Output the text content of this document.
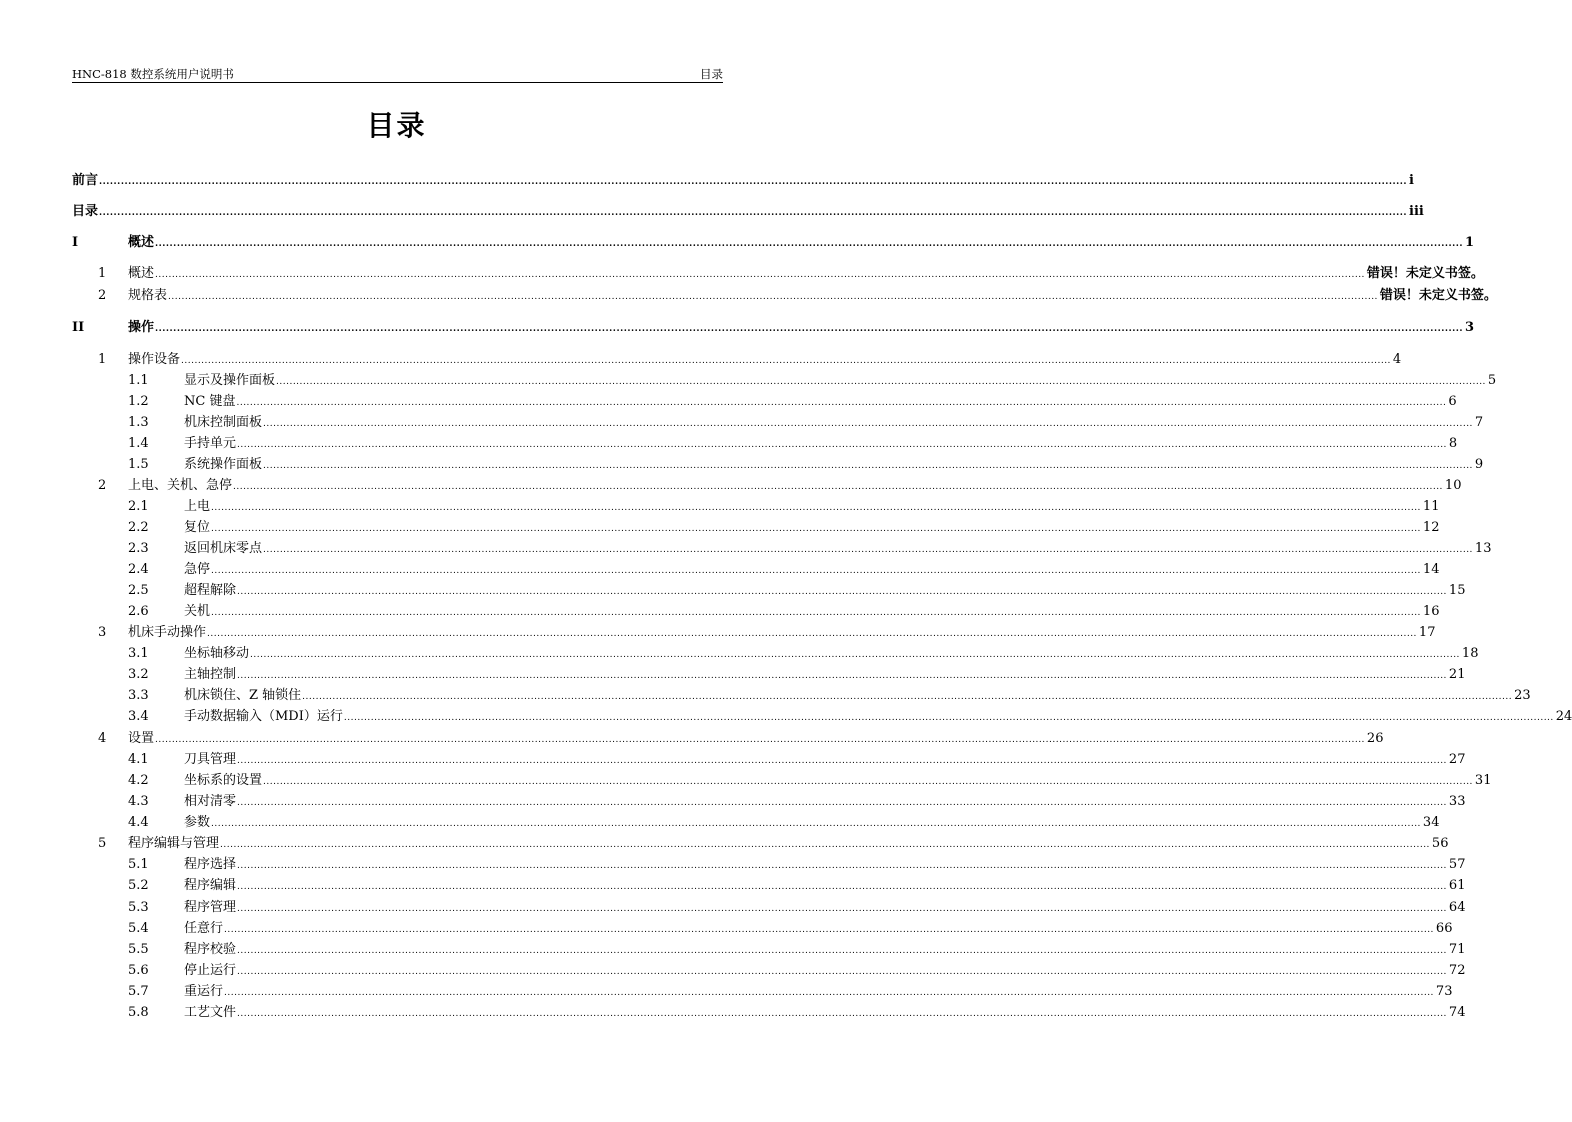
HNC-818 数控系统用户说明书	目录
目录
前言 ........................................................................................................................................................................................................................................................................................................................................................................ i
目录 ........................................................................................................................................................................................................................................................................................................................................................................ iii
I	概述 ........................................................................................................................................................................................................................................................................................................................................................................ 1
1 概述 ........................................................................................................................................................................................................................................................................................................................................................................ 错误！未定义书签。
2 规格表 ........................................................................................................................................................................................................................................................................................................................................................................ 错误！未定义书签。
II	操作 ........................................................................................................................................................................................................................................................................................................................................................................ 3
1 操作设备 ........................................................................................................................................................................................................................................................................................................................................................................ 4
1.1	显示及操作面板 ........................................................................................................................................................................................................................................................................................................................................................................ 5
1.2	NC 键盘 ........................................................................................................................................................................................................................................................................................................................................................................ 6
1.3	机床控制面板 ........................................................................................................................................................................................................................................................................................................................................................................ 7
1.4	手持单元 ........................................................................................................................................................................................................................................................................................................................................................................ 8
1.5	系统操作面板 ........................................................................................................................................................................................................................................................................................................................................................................ 9
2 上电、关机、急停 ........................................................................................................................................................................................................................................................................................................................................................................ 10
2.1	上电 ........................................................................................................................................................................................................................................................................................................................................................................ 11
2.2	复位 ........................................................................................................................................................................................................................................................................................................................................................................ 12
2.3	返回机床零点 ........................................................................................................................................................................................................................................................................................................................................................................ 13
2.4	急停 ........................................................................................................................................................................................................................................................................................................................................................................ 14
2.5	超程解除 ........................................................................................................................................................................................................................................................................................................................................................................ 15
2.6	关机 ........................................................................................................................................................................................................................................................................................................................................................................ 16
3 机床手动操作 ........................................................................................................................................................................................................................................................................................................................................................................ 17
3.1	坐标轴移动 ........................................................................................................................................................................................................................................................................................................................................................................ 18
3.2	主轴控制 ........................................................................................................................................................................................................................................................................................................................................................................ 21
3.3	机床锁住、Z 轴锁住 ........................................................................................................................................................................................................................................................................................................................................................................ 23
3.4	手动数据输入（MDI）运行 ........................................................................................................................................................................................................................................................................................................................................................................ 24
4 设置 ........................................................................................................................................................................................................................................................................................................................................................................ 26
4.1	刀具管理 ........................................................................................................................................................................................................................................................................................................................................................................ 27
4.2	坐标系的设置 ........................................................................................................................................................................................................................................................................................................................................................................ 31
4.3	相对清零 ........................................................................................................................................................................................................................................................................................................................................................................ 33
4.4	参数 ........................................................................................................................................................................................................................................................................................................................................................................ 34
5 程序编辑与管理 ........................................................................................................................................................................................................................................................................................................................................................................ 56
5.1	程序选择 ........................................................................................................................................................................................................................................................................................................................................................................ 57
5.2	程序编辑 ........................................................................................................................................................................................................................................................................................................................................................................ 61
5.3	程序管理 ........................................................................................................................................................................................................................................................................................................................................................................ 64
5.4	任意行 ........................................................................................................................................................................................................................................................................................................................................................................ 66
5.5	程序校验 ........................................................................................................................................................................................................................................................................................................................................................................ 71
5.6	停止运行 ........................................................................................................................................................................................................................................................................................................................................................................ 72
5.7	重运行 ........................................................................................................................................................................................................................................................................................................................................................................ 73
5.8	工艺文件 ........................................................................................................................................................................................................................................................................................................................................................................ 74
